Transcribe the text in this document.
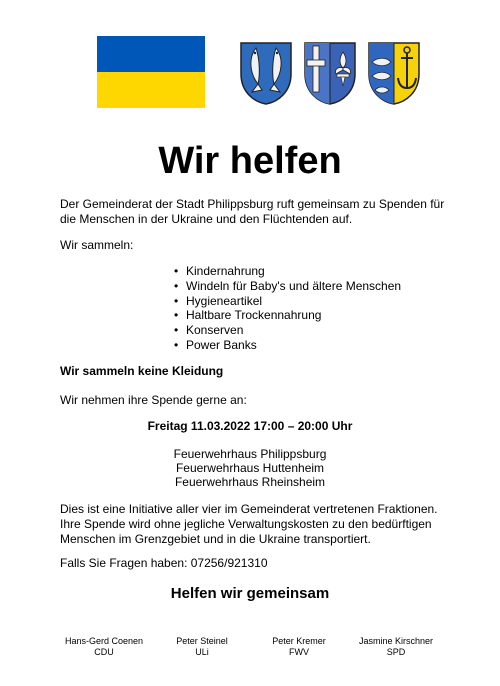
Wir helfen
Der Gemeinderat der Stadt Philippsburg ruft gemeinsam zu Spenden für die Menschen in der Ukraine und den Flüchtenden auf.
Wir sammeln:
• Kindernahrung
• Windeln für Baby's und ältere Menschen
• Hygieneartikel
• Haltbare Trockennahrung
• Konserven
• Power Banks
Wir sammeln keine Kleidung
Wir nehmen ihre Spende gerne an:
Freitag 11.03.2022 17:00 – 20:00 Uhr
Feuerwehrhaus Philippsburg
Feuerwehrhaus Huttenheim
Feuerwehrhaus Rheinsheim
Dies ist eine Initiative aller vier im Gemeinderat vertretenen Fraktionen. Ihre Spende wird ohne jegliche Verwaltungskosten zu den bedürftigen Menschen im Grenzgebiet und in die Ukraine transportiert.
Falls Sie Fragen haben: 07256/921310
Helfen wir gemeinsam
Hans-Gerd Coenen
CDU
Peter Steinel
ULi
Peter Kremer
FWV
Jasmine Kirschner
SPD
